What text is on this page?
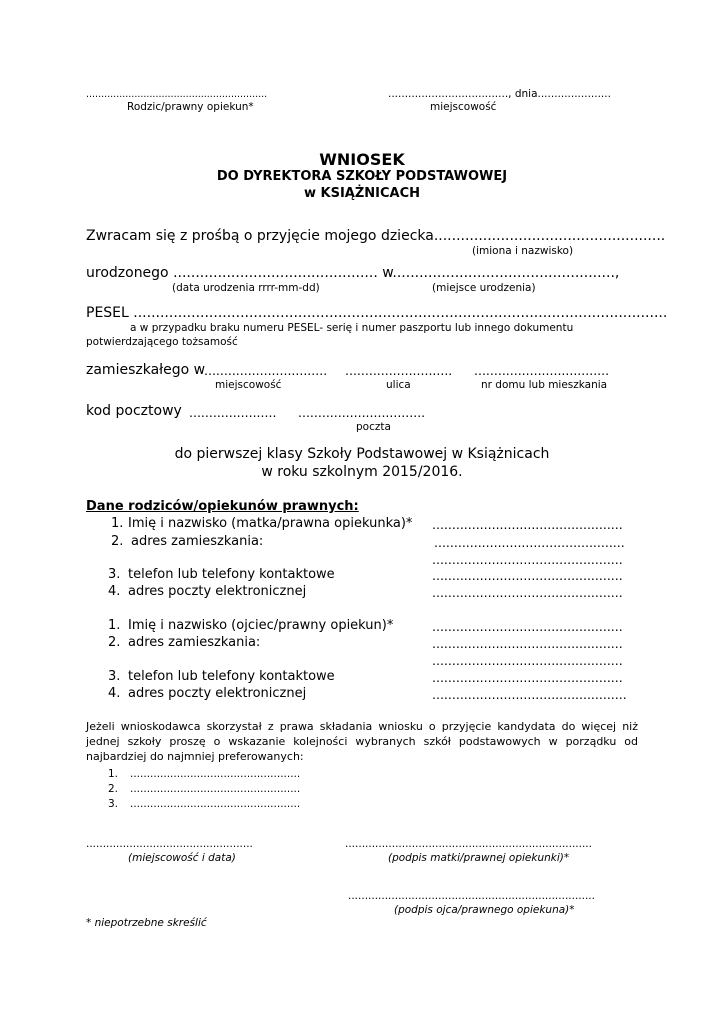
............................................................
Rodzic/prawny opiekun*
...................................., dnia......................
miejscowość
WNIOSEK
DO DYREKTORA SZKOŁY PODSTAWOWEJ
w KSIĄŻNICACH
Zwracam się z prośbą o przyjęcie mojego dziecka....................................................
(imiona i nazwisko)
urodzonego .............................................. w..................................................,
(data urodzenia rrrr-mm-dd)	(miejsce urodzenia)
PESEL ........................................................................................................................
a w przypadku braku numeru PESEL- serię i numer paszportu lub innego dokumentu
potwierdzającego tożsamość
zamieszkałego w
............................... ........................... ..................................
miejscowość	ulica	nr domu lub mieszkania
kod pocztowy ...................... ................................
poczta
do pierwszej klasy Szkoły Podstawowej w Książnicach
w roku szkolnym 2015/2016.
Dane rodziców/opiekunów prawnych:
1. Imię i nazwisko (matka/prawna opiekunka)* ................................................
2. adres zamieszkania:	................................................
................................................
3. telefon lub telefony kontaktowe	................................................
4. adres poczty elektronicznej	................................................
1. Imię i nazwisko (ojciec/prawny opiekun)*	................................................
2. adres zamieszkania:	................................................
................................................
3. telefon lub telefony kontaktowe	................................................
4. adres poczty elektronicznej	.................................................
Jeżeli wnioskodawca skorzystał z prawa składania wniosku o przyjęcie kandydata do więcej niż jednej szkoły proszę o wskazanie kolejności wybranych szkół podstawowych w porządku od najbardziej do najmniej preferowanych:
1. ...................................................
2. ...................................................
3. ...................................................
..................................................
(miejscowość i data)
..........................................................................
(podpis matki/prawnej opiekunki)*
..........................................................................
(podpis ojca/prawnego opiekuna)*
* niepotrzebne skreślić
